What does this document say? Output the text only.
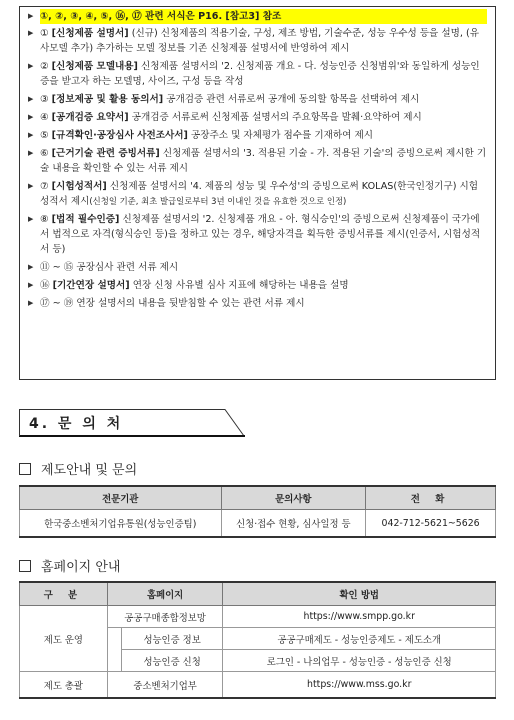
▶ ①, ②, ③, ④, ⑤, ⑯, ⑰ 관련 서식은 P16. [참고3] 참조
▶ ① [신청제품 설명서] (신규) 신청제품의 적용기술, 구성, 제조 방법, 기술수준, 성능 우수성 등을 설명, (유사모델 추가) 추가하는 모델 정보를 기존 신청제품 설명서에 반영하여 제시
▶ ② [신청제품 모델내용] 신청제품 설명서의 '2. 신청제품 개요 - 다. 성능인증 신청범위'와 동일하게 성능인증을 받고자 하는 모델명, 사이즈, 구성 등을 작성
▶ ③ [정보제공 및 활용 동의서] 공개검증 관련 서류로써 공개에 동의할 항목을 선택하여 제시
▶ ④ [공개검증 요약서] 공개검증 서류로써 신청제품 설명서의 주요항목을 발췌·요약하여 제시
▶ ⑤ [규격확인·공장심사 사전조사서] 공장주소 및 자체평가 점수를 기재하여 제시
▶ ⑥ [근거기술 관련 증빙서류] 신청제품 설명서의 '3. 적용된 기술 - 가. 적용된 기술'의 증빙으로써 제시한 기술 내용을 확인할 수 있는 서류 제시
▶ ⑦ [시험성적서] 신청제품 설명서의 '4. 제품의 성능 및 우수성'의 증빙으로써 KOLAS(한국인정기구) 시험성적서 제시(신청일 기준, 최초 발급일로부터 3년 이내인 것을 유효한 것으로 인정)
▶ ⑧ [법적 필수인증] 신청제품 설명서의 '2. 신청제품 개요 - 아. 형식승인'의 증빙으로써 신청제품이 국가에서 법적으로 자격(형식승인 등)을 정하고 있는 경우, 해당자격을 획득한 증빙서류를 제시(인증서, 시험성적서 등)
▶ ⑪ ~ ⑮ 공장심사 관련 서류 제시
▶ ⑯ [기간연장 설명서] 연장 신청 사유별 심사 지표에 해당하는 내용을 설명
▶ ⑰ ~ ⑲ 연장 설명서의 내용을 뒷받침할 수 있는 관련 서류 제시
4. 문 의 처
제도안내 및 문의
전문기관	문의사항	전 화
한국중소벤처기업유통원(성능인증팀)	신청·접수 현황, 심사일정 등	042-712-5621~5626
홈페이지 안내
구 분	홈페이지		확인 방법
제도 운영	공공구매종합정보망		https://www.smpp.go.kr
		성능인증 정보	공공구매제도 - 성능인증제도 - 제도소개
		성능인증 신청	로그인 - 나의업무 - 성능인증 - 성능인증 신청
제도 총괄	중소벤처기업부		https://www.mss.go.kr
